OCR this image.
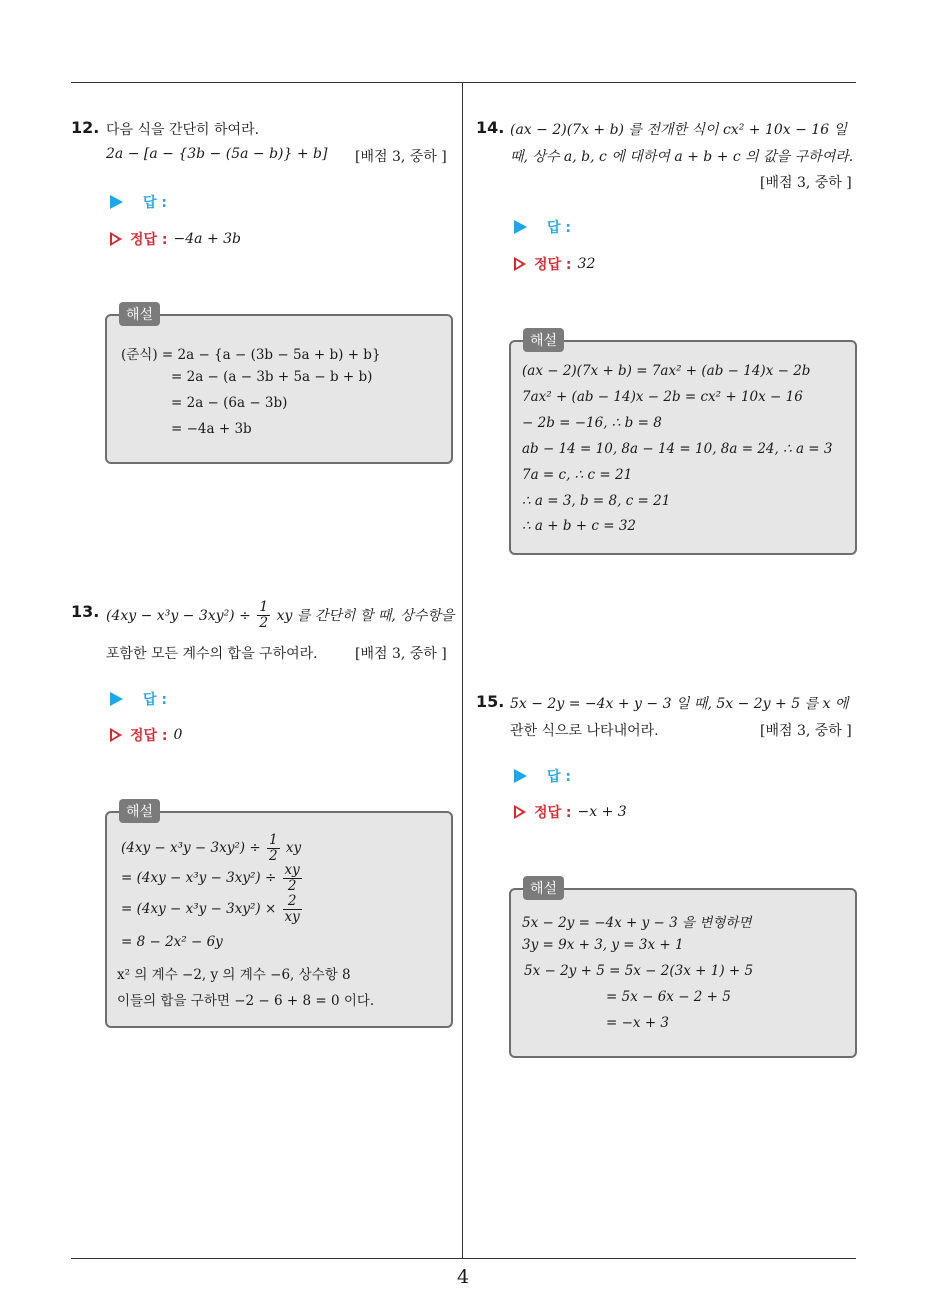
4
12. 다음 식을 간단히 하여라.
2a − [a − {3b − (5a − b)} + b] [배점 3, 중하 ]
답 :
정답 : −4a + 3b
해설
(준식) = 2a − {a − (3b − 5a + b) + b}
= 2a − (a − 3b + 5a − b + b)
= 2a − (6a − 3b)
= −4a + 3b
13. $(4xy - x^3y - 3xy^2) \div \frac{1}{2}$ xy 를 간단히 할 때, 상수항을
포함한 모든 계수의 합을 구하여라.	[배점 3, 중하 ]
답 :
정답 : 0
해설
$(4xy - x^3y - 3xy^2) \div \frac{1}{2}$ xy
= $(4xy - x^3y - 3xy^2) \div \frac{xy}{2}$
= $(4xy - x^3y - 3xy^2) \times \frac{2}{xy}$
= 8 − 2x² − 6y
x² 의 계수 −2, y 의 계수 −6, 상수항 8
이들의 합을 구하면 −2 − 6 + 8 = 0 이다.
14. (ax − 2)(7x + b) 를 전개한 식이 cx² + 10x − 16 일
때, 상수 a, b, c 에 대하여 a + b + c 의 값을 구하여라.
[배점 3, 중하 ]
답 :
정답 : 32
해설
(ax − 2)(7x + b) = 7ax² + (ab − 14)x − 2b
7ax² + (ab − 14)x − 2b = cx² + 10x − 16
− 2b = −16, ∴ b = 8
ab − 14 = 10, 8a − 14 = 10, 8a = 24, ∴ a = 3
7a = c, ∴ c = 21
∴ a = 3, b = 8, c = 21
∴ a + b + c = 32
15. 5x − 2y = −4x + y − 3 일 때, 5x − 2y + 5 를 x 에
관한 식으로 나타내어라.	[배점 3, 중하 ]
답 :
정답 : −x + 3
해설
5x − 2y = −4x + y − 3 을 변형하면
3y = 9x + 3, y = 3x + 1
5x − 2y + 5 = 5x − 2(3x + 1) + 5
= 5x − 6x − 2 + 5
= −x + 3
